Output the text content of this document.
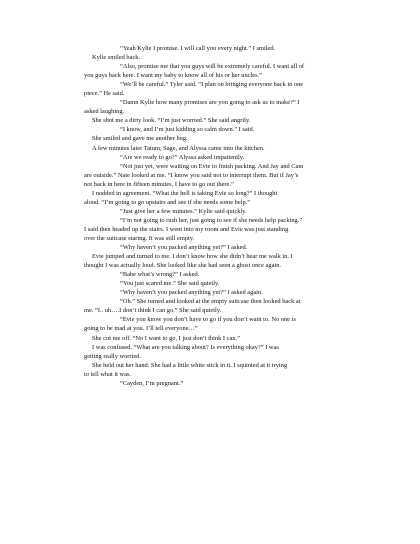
“Yeah Kylie I promise. I will call you every night.” I smiled.
Kylie smiled back.
“Also, promise me that you guys will be extremely careful. I want all of
you guys back here. I want my baby to know all of his or her uncles.”
“We’ll be careful.” Tyler said. “I plan on bringing everyone back in one
piece.” He said.
“Damn Kylie how many promises are you going to ask us to make?” I
asked laughing.
She shot me a dirty look. “I’m just worried.” She said angrily.
“I know, and I’m just kidding so calm down.” I said.
She smiled and gave me another hug.
A few minutes later Tatum, Sage, and Alyssa came into the kitchen.
“Are we ready to go?” Alyssa asked impatiently.
“Not just yet, were waiting on Evie to finish packing. And Jay and Cam
are outside.” Nate looked at me. “I know you said not to interrupt them. But if Jay’s
not back in here in fifteen minutes, I have to go out there.”
I nodded in agreement. “What the hell is taking Evie so long?” I thought
aloud. “I’m going to go upstairs and see if she needs some help.”
“Just give her a few minutes.” Kylie said quickly.
“I’m not going to rush her, just going to see if she needs help packing.”
I said then headed up the stairs. I went into my room and Evie was just standing
over the suitcase staring. It was still empty.
“Why haven’t you packed anything yet?” I asked.
Evie jumped and turned to me. I don’t know how she didn’t hear me walk in. I
thought I was actually loud. She looked like she had seen a ghost once again.
“Babe what’s wrong?” I asked.
“You just scared me.” She said quietly.
“Why haven’t you packed anything yet?” I asked again.
“Oh.” She turned and looked at the empty suitcase then looked back at
me. “I.. uh….I don’t think I can go.” She said quietly.
“Evie you know you don’t have to go if you don’t want to. No one is
going to be mad at you. I’ll tell everyone…”
She cut me off. “No I want to go, I just don’t think I can.”
I was confused. “What are you talking about? Is everything okay?” I was
getting really worried.
She held out her hand. She had a little white stick in it. I squinted at it trying
to tell what it was.
“Cayden, I’m pregnant.”
